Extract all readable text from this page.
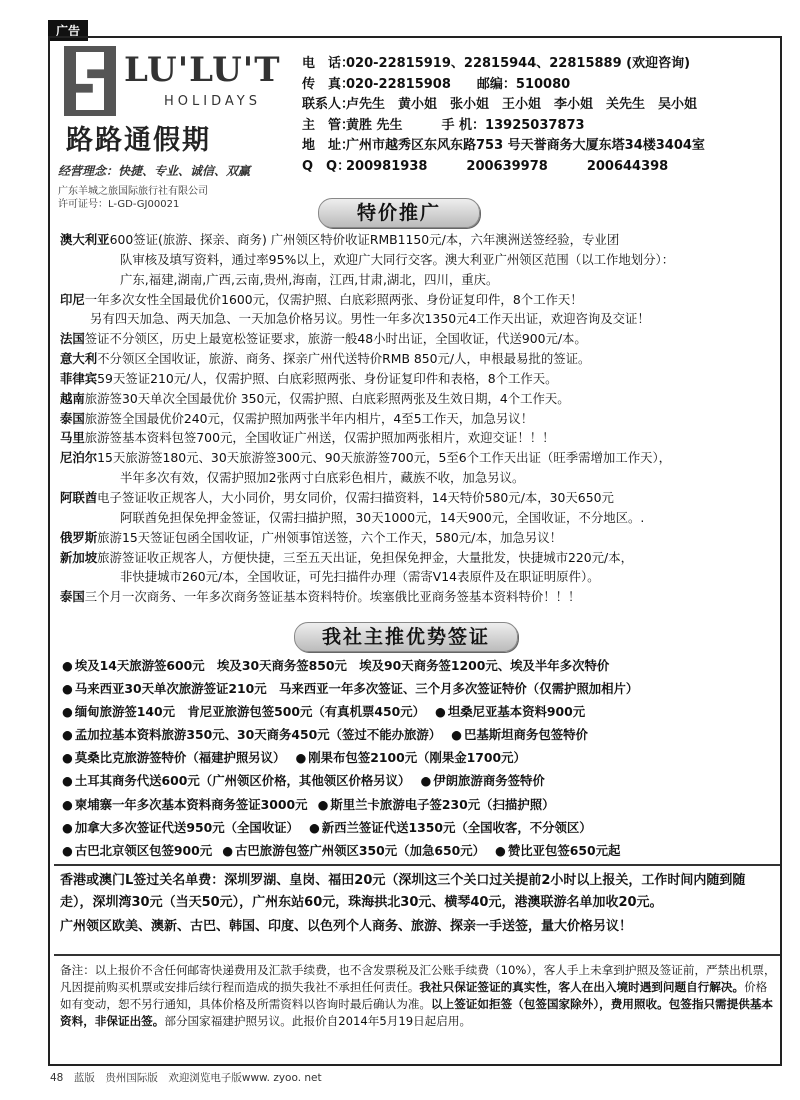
广告
LU'LU'T
HOLIDAYS
路路通假期
经营理念：快捷、专业、诚信、双赢
广东羊城之旅国际旅行社有限公司
许可证号：L-GD-GJ00021
电　话：
020-22815919、22815944、22815889 (欢迎咨询)
传　真：
020-22815908　　邮编：510080
联系人：
卢先生　黄小姐　张小姐　王小姐　李小姐　关先生　吴小姐
主　管：
黄胜 先生　　　手 机：13925037873
地　址：
广州市越秀区东风东路753 号天誉商务大厦东塔34楼3404室
Q　Q：
200981938　　　200639978　　　200644398
特价推广
澳大利亚600签证(旅游、探亲、商务) 广州领区特价收证RMB1150元/本，六年澳洲送签经验，专业团
队审核及填写资料，通过率95%以上，欢迎广大同行交客。澳大利亚广州领区范围（以工作地划分）：
广东,福建,湖南,广西,云南,贵州,海南，江西,甘肃,湖北，四川，重庆。
印尼一年多次女性全国最优价1600元，仅需护照、白底彩照两张、身份证复印件，8个工作天！
另有四天加急、两天加急、一天加急价格另议。男性一年多次1350元4工作天出证，欢迎咨询及交证！
法国签证不分领区，历史上最宽松签证要求，旅游一般48小时出证，全国收证，代送900元/本。
意大利不分领区全国收证，旅游、商务、探亲广州代送特价RMB 850元/人，申根最易批的签证。
菲律宾59天签证210元/人，仅需护照、白底彩照两张、身份证复印件和表格，8个工作天。
越南旅游签30天单次全国最优价 350元，仅需护照、白底彩照两张及生效日期，4个工作天。
泰国旅游签全国最优价240元，仅需护照加两张半年内相片，4至5工作天，加急另议！
马里旅游签基本资料包签700元，全国收证广州送，仅需护照加两张相片，欢迎交证！！！
尼泊尔15天旅游签180元、30天旅游签300元、90天旅游签700元，5至6个工作天出证（旺季需增加工作天），
半年多次有效，仅需护照加2张两寸白底彩色相片，藏族不收，加急另议。
阿联酋电子签证收正规客人，大小同价，男女同价，仅需扫描资料，14天特价580元/本，30天650元
阿联酋免担保免押金签证，仅需扫描护照，30天1000元，14天900元，全国收证，不分地区。.
俄罗斯旅游15天签证包函全国收证，广州领事馆送签，六个工作天，580元/本，加急另议！
新加坡旅游签证收正规客人，方便快捷，三至五天出证，免担保免押金，大量批发，快捷城市220元/本，
非快捷城市260元/本，全国收证，可先扫描件办理（需寄V14表原件及在职证明原件）。
泰国三个月一次商务、一年多次商务签证基本资料特价。埃塞俄比亚商务签基本资料特价！！！
我社主推优势签证
● 埃及14天旅游签600元　埃及30天商务签850元　埃及90天商务签1200元、埃及半年多次特价
● 马来西亚30天单次旅游签证210元　马来西亚一年多次签证、三个月多次签证特价（仅需护照加相片）
● 缅甸旅游签140元　肯尼亚旅游包签500元（有真机票450元） ● 坦桑尼亚基本资料900元
● 孟加拉基本资料旅游350元、30天商务450元（签过不能办旅游） ● 巴基斯坦商务包签特价
● 莫桑比克旅游签特价（福建护照另议） ● 刚果布包签2100元（刚果金1700元）
● 土耳其商务代送600元（广州领区价格，其他领区价格另议） ● 伊朗旅游商务签特价
● 柬埔寨一年多次基本资料商务签证3000元 ● 斯里兰卡旅游电子签230元（扫描护照）
● 加拿大多次签证代送950元（全国收证） ● 新西兰签证代送1350元（全国收客，不分领区）
● 古巴北京领区包签900元 ● 古巴旅游包签广州领区350元（加急650元） ● 赞比亚包签650元起
香港或澳门L签过关名单费：深圳罗湖、皇岗、福田20元（深圳这三个关口过关提前2小时以上报关，工作时间内随到随走），深圳湾30元（当天50元），广州东站60元，珠海拱北30元、横琴40元，港澳联游名单加收20元。
广州领区欧美、澳新、古巴、韩国、印度、以色列个人商务、旅游、探亲一手送签，量大价格另议！
备注：以上报价不含任何邮寄快递费用及汇款手续费，也不含发票税及汇公账手续费（10%），客人手上未拿到护照及签证前，严禁出机票，凡因提前购买机票或安排后续行程而造成的损失我社不承担任何责任。我社只保证签证的真实性，客人在出入境时遇到问题自行解决。价格如有变动，恕不另行通知，具体价格及所需资料以咨询时最后确认为准。以上签证如拒签（包签国家除外），费用照收。包签指只需提供基本资料，非保证出签。部分国家福建护照另议。此报价自2014年5月19日起启用。
48　蓝版　贵州国际版　欢迎浏览电子版www. zyoo. net
